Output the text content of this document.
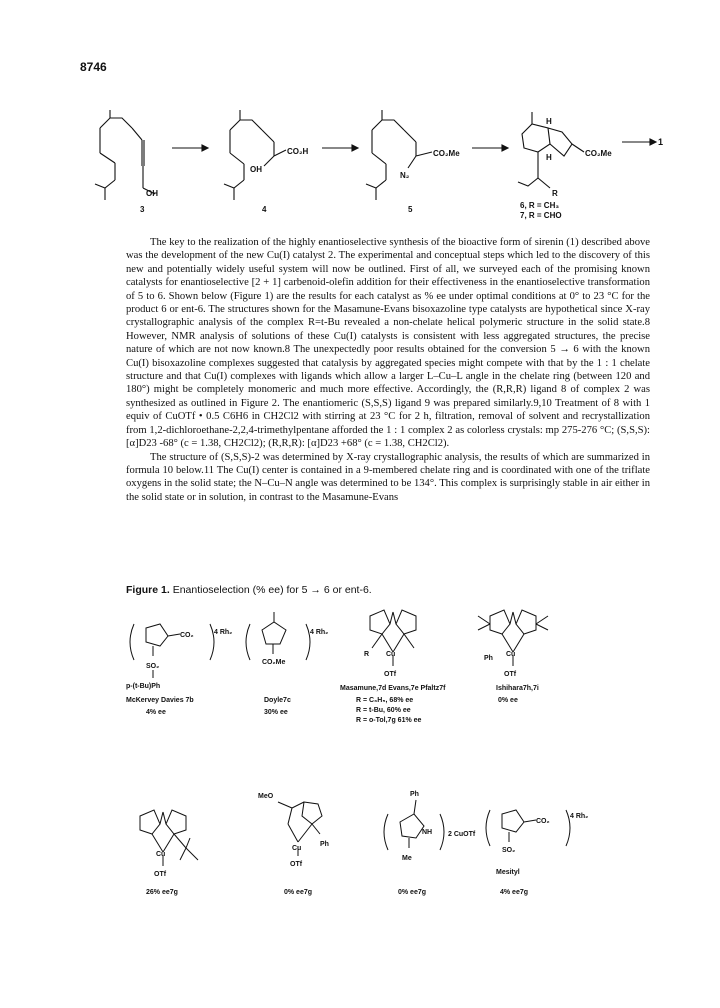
8746
OH
3
OH
CO₂H
4
N₂
CO₂Me
5
H
H
R
CO₂Me
6, R = CH₃
7, R = CHO
1

The key to the realization of the highly enantioselective synthesis of the bioactive form of sirenin (1) described above was the development of the new Cu(I) catalyst 2. The experimental and conceptual steps which led to the discovery of this new and potentially widely useful system will now be outlined. First of all, we surveyed each of the promising known catalysts for enantioselective [2 + 1] carbenoid-olefin addition for their effectiveness in the enantioselective transformation of 5 to 6. Shown below (Figure 1) are the results for each catalyst as % ee under optimal conditions at 0° to 23 °C for the product 6 or ent-6. The structures shown for the Masamune-Evans bisoxazoline type catalysts are hypothetical since X-ray crystallographic analysis of the complex R=t-Bu revealed a non-chelate helical polymeric structure in the solid state.8 However, NMR analysis of solutions of these Cu(I) catalysts is consistent with less aggregated structures, the precise nature of which are not now known.8 The unexpectedly poor results obtained for the conversion 5 → 6 with the known Cu(I) bisoxazoline complexes suggested that catalysis by aggregated species might compete with that by the 1 : 1 chelate structure and that Cu(I) complexes with ligands which allow a larger L–Cu–L angle in the chelate ring (between 120 and 180°) might be completely monomeric and much more effective. Accordingly, the (R,R,R) ligand 8 of complex 2 was synthesized as outlined in Figure 2. The enantiomeric (S,S,S) ligand 9 was prepared similarly.9,10 Treatment of 8 with 1 equiv of CuOTf • 0.5 C6H6 in CH2Cl2 with stirring at 23 °C for 2 h, filtration, removal of solvent and recrystallization from 1,2-dichloroethane-2,2,4-trimethylpentane afforded the 1 : 1 complex 2 as colorless crystals: mp 275-276 °C; (S,S,S): [α]D23 -68° (c = 1.38, CH2Cl2); (R,R,R): [α]D23 +68° (c = 1.38, CH2Cl2).

The structure of (S,S,S)-2 was determined by X-ray crystallographic analysis, the results of which are summarized in formula 10 below.11 The Cu(I) center is contained in a 9-membered chelate ring and is coordinated with one of the triflate oxygens in the solid state; the N–Cu–N angle was determined to be 134°. This complex is surprisingly stable in air either in the solid state or in solution, in contrast to the Masamune-Evans

Figure 1. Enantioselection (% ee) for 5 → 6 or ent-6.
CO₂	4 Rh₂
SO₂
p-(t-Bu)Ph
McKervey Davies 7b
4% ee
4 Rh₂
CO₂Me
Doyle7c
30% ee
Cu
OTf
R
Masamune,7d Evans,7e Pfaltz7f
R = C₆H₅, 68% ee
R = t-Bu, 60% ee
R = o-Tol,7g 61% ee
Cu
OTf
Ph
Ishihara7h,7i
0% ee
Cu
OTf
26% ee7g
MeO
Cu
OTf
Ph
0% ee7g
Ph
NH
Me
2 CuOTf
0% ee7g
CO₂
4 Rh₂
SO₂
Mesityl
4% ee7g
